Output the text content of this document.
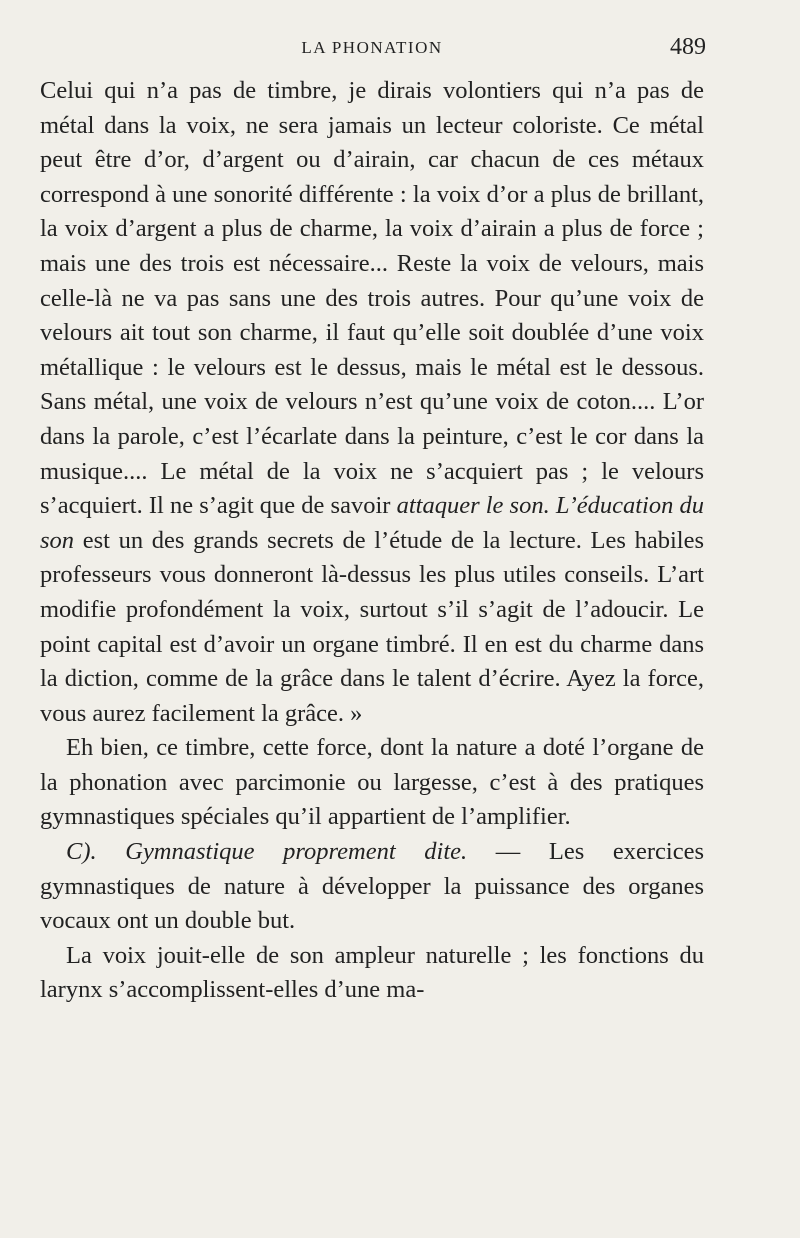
LA PHONATION	489

Celui qui n’a pas de timbre, je dirais volontiers qui n’a pas de métal dans la voix, ne sera jamais un lecteur coloriste. Ce métal peut être d’or, d’argent ou d’airain, car chacun de ces métaux correspond à une sonorité différente : la voix d’or a plus de brillant, la voix d’argent a plus de charme, la voix d’airain a plus de force ; mais une des trois est nécessaire... Reste la voix de velours, mais celle-là ne va pas sans une des trois autres. Pour qu’une voix de velours ait tout son charme, il faut qu’elle soit doublée d’une voix métallique : le velours est le dessus, mais le métal est le dessous. Sans métal, une voix de velours n’est qu’une voix de coton.... L’or dans la parole, c’est l’écarlate dans la peinture, c’est le cor dans la musique.... Le métal de la voix ne s’acquiert pas ; le velours s’acquiert. Il ne s’agit que de savoir attaquer le son. L’éducation du son est un des grands secrets de l’étude de la lecture. Les habiles professeurs vous donneront là-dessus les plus utiles conseils. L’art modifie profondément la voix, surtout s’il s’agit de l’adoucir. Le point capital est d’avoir un organe timbré. Il en est du charme dans la diction, comme de la grâce dans le talent d’écrire. Ayez la force, vous aurez facilement la grâce. »

Eh bien, ce timbre, cette force, dont la nature a doté l’organe de la phonation avec parcimonie ou largesse, c’est à des pratiques gymnastiques spéciales qu’il appartient de l’amplifier.

C). Gymnastique proprement dite. — Les exercices gymnastiques de nature à développer la puissance des organes vocaux ont un double but.

La voix jouit-elle de son ampleur naturelle ; les fonctions du larynx s’accomplissent-elles d’une ma-
